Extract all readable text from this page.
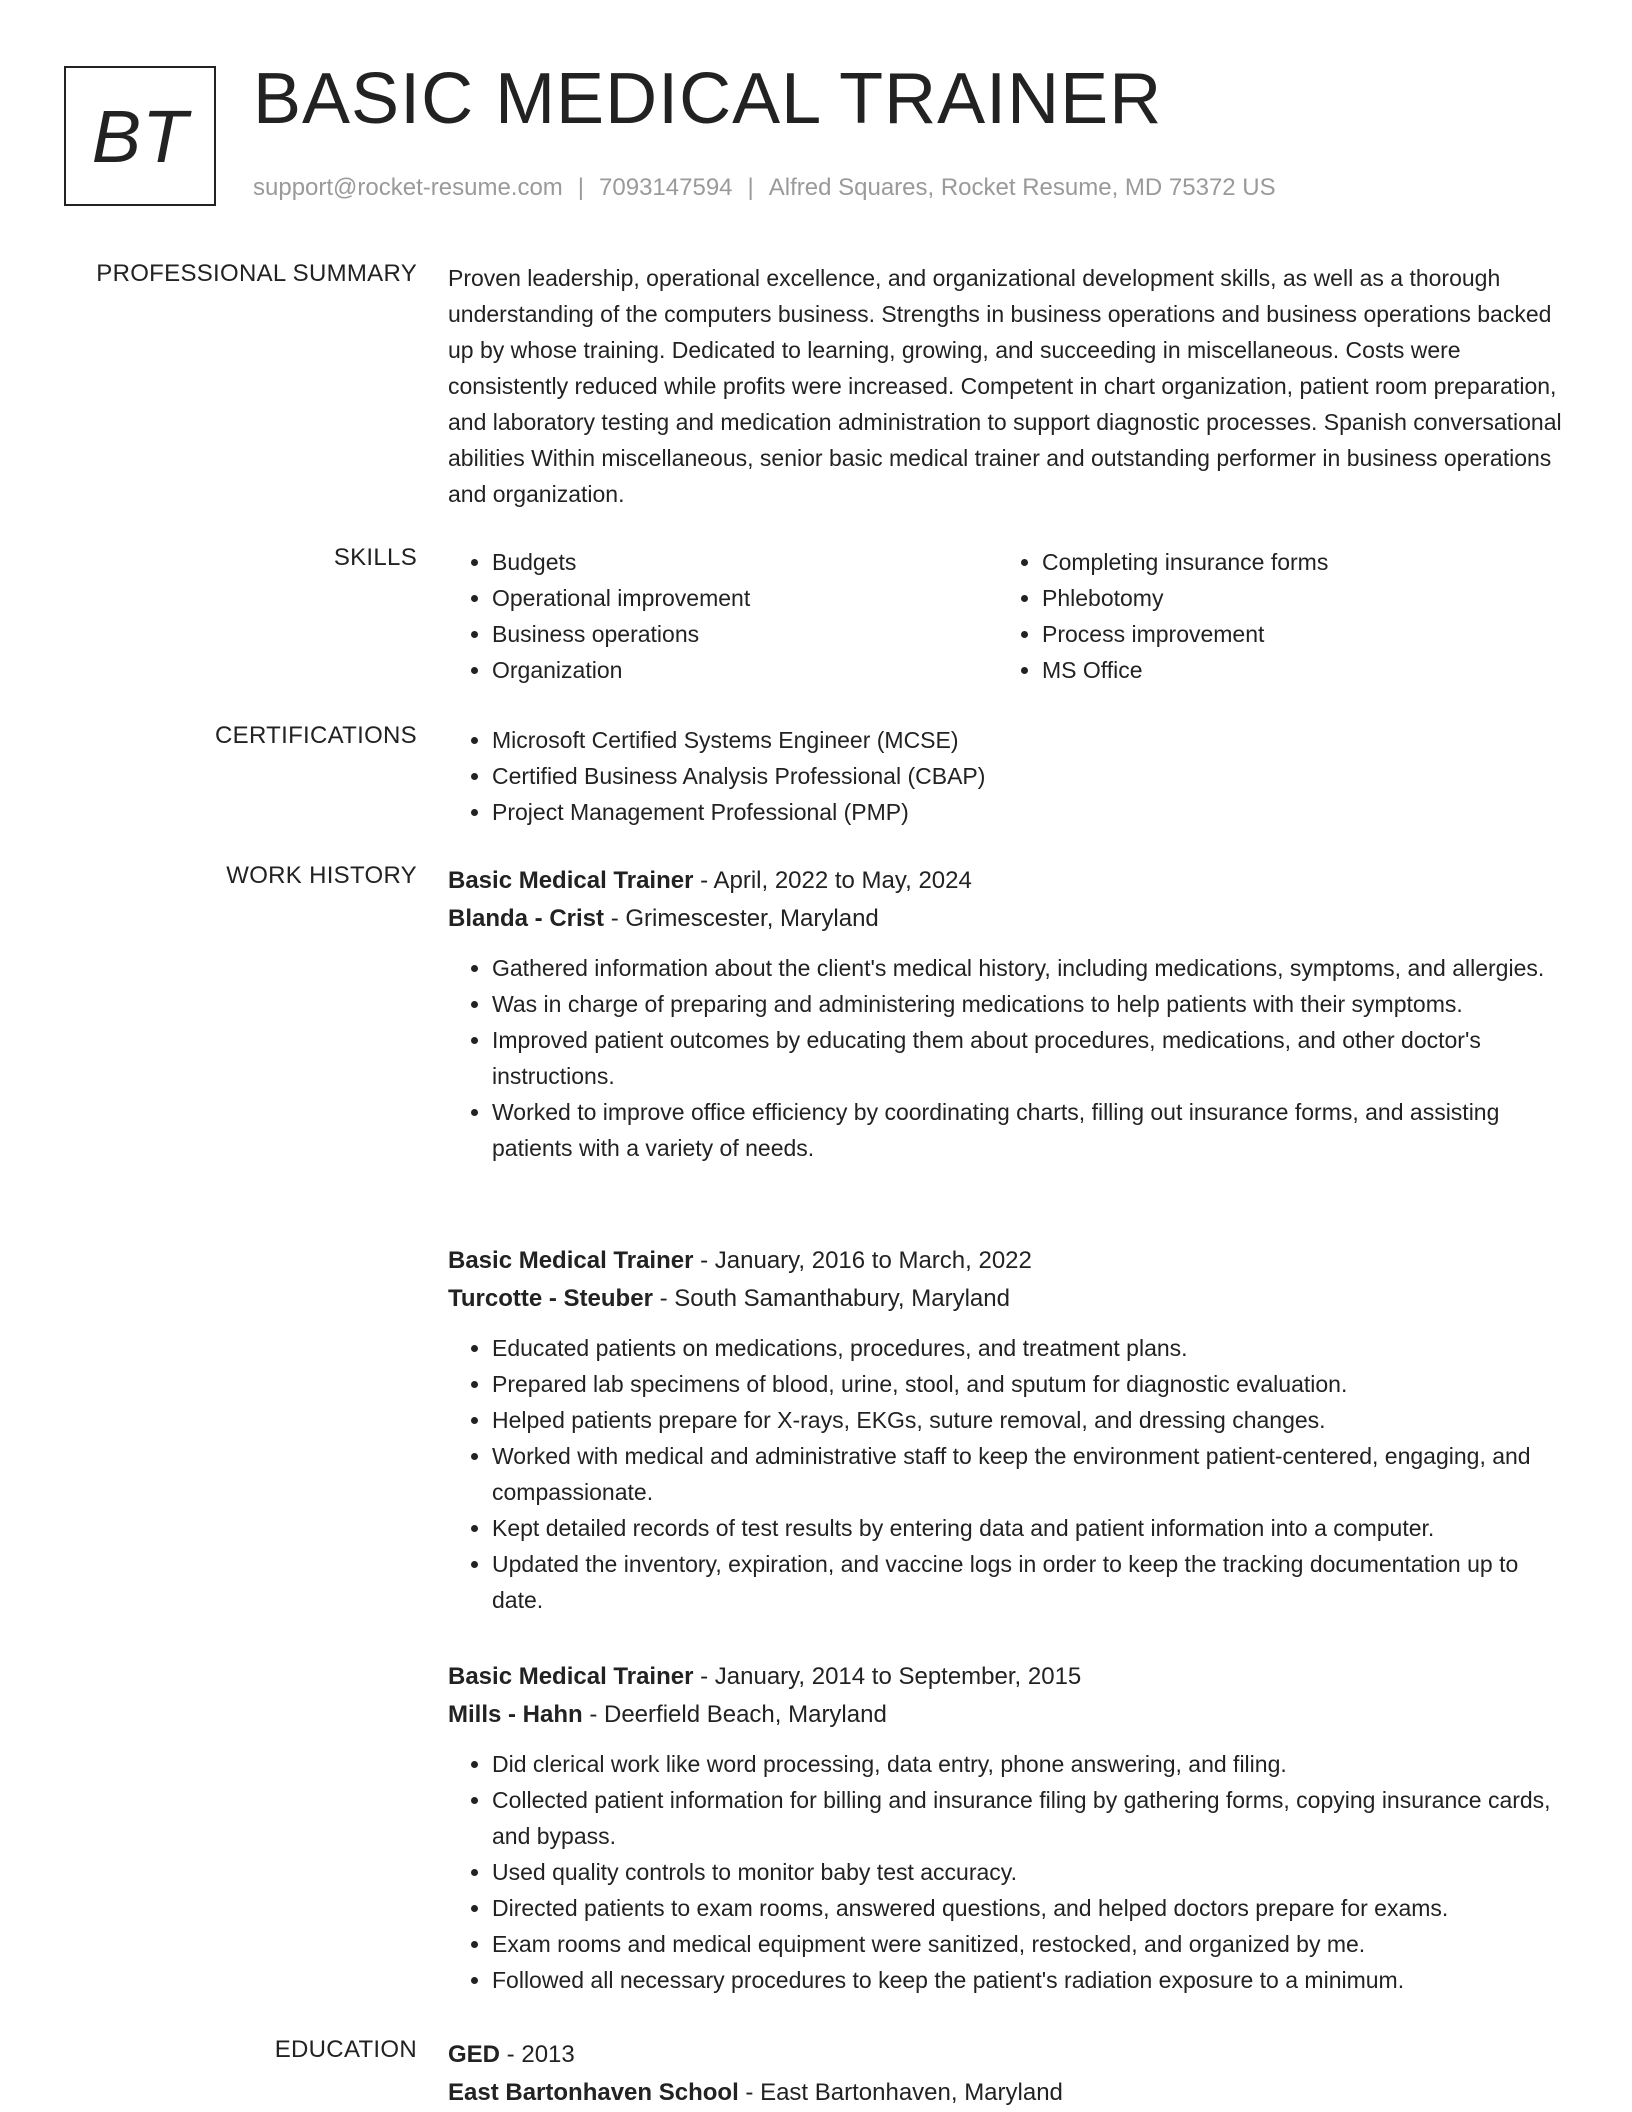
BT BASIC MEDICAL TRAINER
support@rocket-resume.com | 7093147594 | Alfred Squares, Rocket Resume, MD 75372 US
PROFESSIONAL SUMMARY Proven leadership, operational excellence, and organizational development skills, as well as a thorough understanding of the computers business. Strengths in business operations and business operations backed up by whose training. Dedicated to learning, growing, and succeeding in miscellaneous. Costs were consistently reduced while profits were increased. Competent in chart organization, patient room preparation, and laboratory testing and medication administration to support diagnostic processes. Spanish conversational abilities Within miscellaneous, senior basic medical trainer and outstanding performer in business operations and organization.

SKILLS	• Budgets
• Operational improvement
• Business operations
• Organization
• Completing insurance forms
• Phlebotomy
• Process improvement
• MS Office
CERTIFICATIONS	• Microsoft Certified Systems Engineer (MCSE)
• Certified Business Analysis Professional (CBAP)
• Project Management Professional (PMP)
WORK HISTORY Basic Medical Trainer - April, 2022 to May, 2024
Blanda - Crist - Grimescester, Maryland
• Gathered information about the client's medical history, including medications, symptoms, and allergies.
• Was in charge of preparing and administering medications to help patients with their symptoms.
• Improved patient outcomes by educating them about procedures, medications, and other doctor's instructions.
• Worked to improve office efficiency by coordinating charts, filling out insurance forms, and assisting patients with a variety of needs.
Basic Medical Trainer - January, 2016 to March, 2022
Turcotte - Steuber - South Samanthabury, Maryland
• Educated patients on medications, procedures, and treatment plans.
• Prepared lab specimens of blood, urine, stool, and sputum for diagnostic evaluation.
• Helped patients prepare for X-rays, EKGs, suture removal, and dressing changes.
• Worked with medical and administrative staff to keep the environment patient-centered, engaging, and compassionate.
• Kept detailed records of test results by entering data and patient information into a computer.
• Updated the inventory, expiration, and vaccine logs in order to keep the tracking documentation up to date.
Basic Medical Trainer - January, 2014 to September, 2015
Mills - Hahn - Deerfield Beach, Maryland
• Did clerical work like word processing, data entry, phone answering, and filing.
• Collected patient information for billing and insurance filing by gathering forms, copying insurance cards, and bypass.
• Used quality controls to monitor baby test accuracy.
• Directed patients to exam rooms, answered questions, and helped doctors prepare for exams.
• Exam rooms and medical equipment were sanitized, restocked, and organized by me.
• Followed all necessary procedures to keep the patient's radiation exposure to a minimum.
EDUCATION GED - 2013
East Bartonhaven School - East Bartonhaven, Maryland
